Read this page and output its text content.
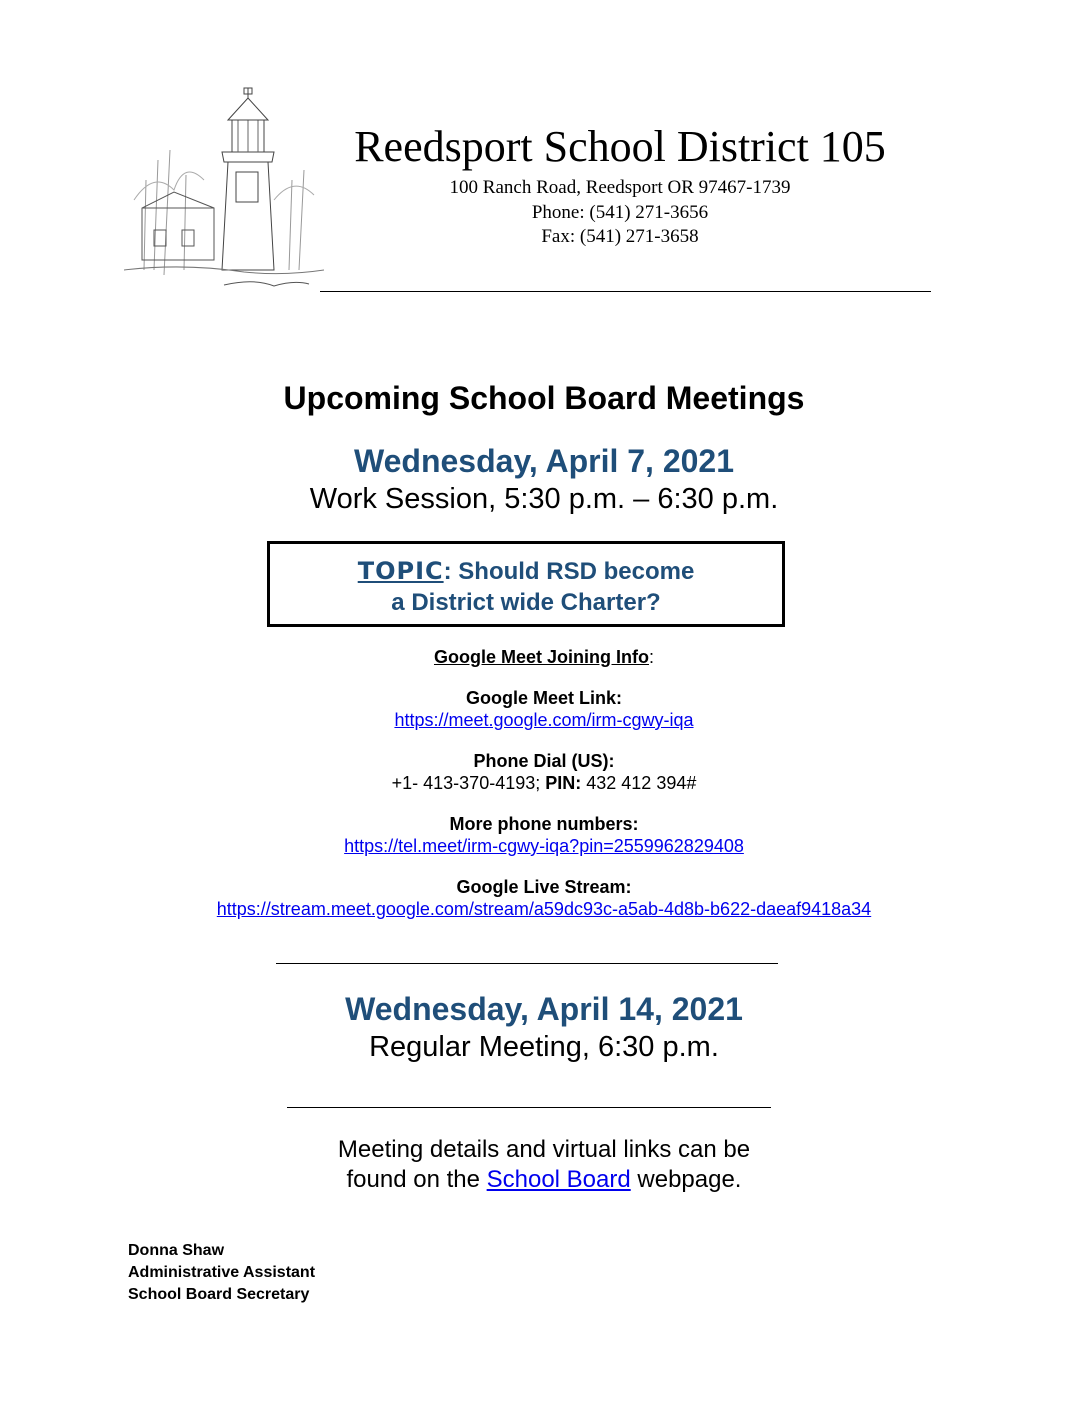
Reedsport School District 105
100 Ranch Road, Reedsport OR 97467-1739
Phone: (541) 271-3656
Fax: (541) 271-3658
Upcoming School Board Meetings
Wednesday, April 7, 2021
Work Session, 5:30 p.m. – 6:30 p.m.
TOPIC: Should RSD become
a District wide Charter?
Google Meet Joining Info:
Google Meet Link:
https://meet.google.com/irm-cgwy-iqa
Phone Dial (US):
+1- 413-370-4193; PIN: 432 412 394#
More phone numbers:
https://tel.meet/irm-cgwy-iqa?pin=2559962829408
Google Live Stream:
https://stream.meet.google.com/stream/a59dc93c-a5ab-4d8b-b622-daeaf9418a34
Wednesday, April 14, 2021
Regular Meeting, 6:30 p.m.
Meeting details and virtual links can be
found on the School Board webpage.
Donna Shaw
Administrative Assistant
School Board Secretary
